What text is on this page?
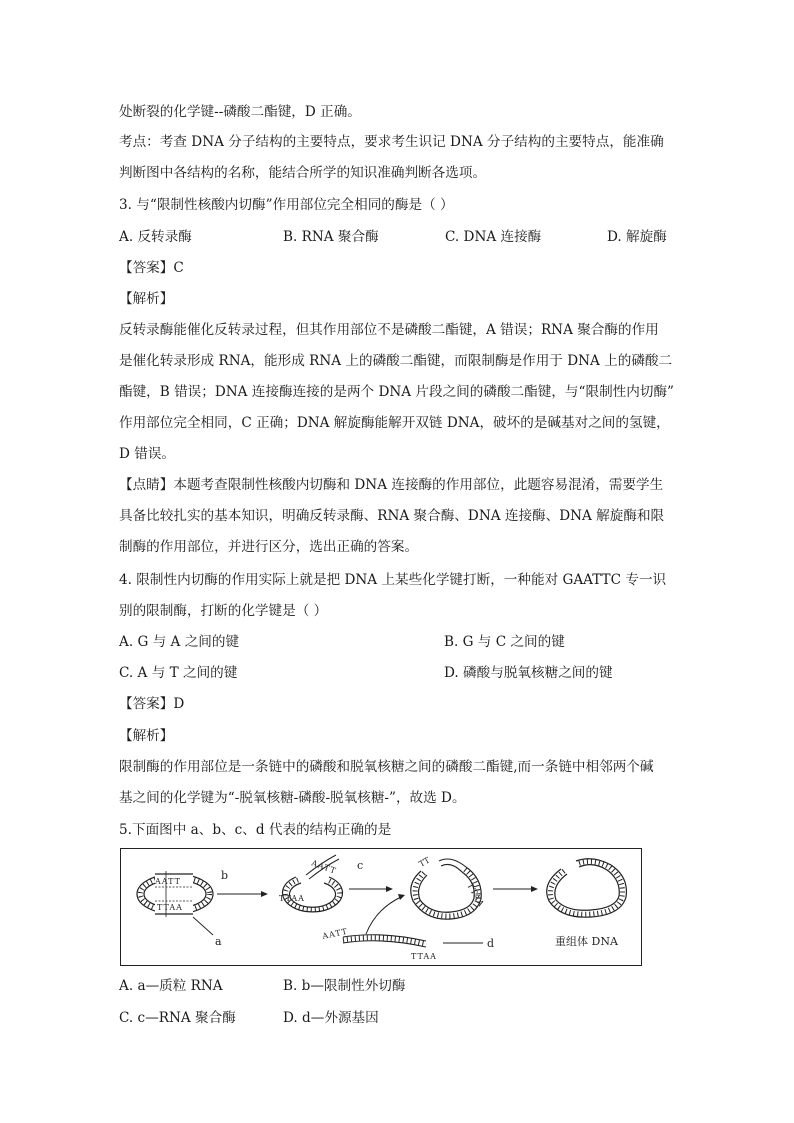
处断裂的化学键--磷酸二酯键，D 正确。
考点：考查 DNA 分子结构的主要特点，要求考生识记 DNA 分子结构的主要特点，能准确
判断图中各结构的名称，能结合所学的知识准确判断各选项。
3. 与“限制性核酸内切酶”作用部位完全相同的酶是（ ）
A. 反转录酶	B. RNA 聚合酶	C. DNA 连接酶	D. 解旋酶
【答案】C
【解析】
反转录酶能催化反转录过程，但其作用部位不是磷酸二酯键，A 错误；RNA 聚合酶的作用
是催化转录形成 RNA，能形成 RNA 上的磷酸二酯键，而限制酶是作用于 DNA 上的磷酸二
酯键，B 错误；DNA 连接酶连接的是两个 DNA 片段之间的磷酸二酯键，与“限制性内切酶”
作用部位完全相同，C 正确；DNA 解旋酶能解开双链 DNA，破坏的是碱基对之间的氢键，
D 错误。
【点睛】本题考查限制性核酸内切酶和 DNA 连接酶的作用部位，此题容易混淆，需要学生
具备比较扎实的基本知识，明确反转录酶、RNA 聚合酶、DNA 连接酶、DNA 解旋酶和限
制酶的作用部位，并进行区分，选出正确的答案。
4. 限制性内切酶的作用实际上就是把 DNA 上某些化学键打断，一种能对 GAATTC 专一识
别的限制酶，打断的化学键是（ ）
A. G 与 A 之间的键	B. G 与 C 之间的键
C. A 与 T 之间的键	D. 磷酸与脱氧核糖之间的键
【答案】D
【解析】
限制酶的作用部位是一条链中的磷酸和脱氧核糖之间的磷酸二酯键,而一条链中相邻两个碱
基之间的化学键为“-脱氧核糖-磷酸-脱氧核糖-”，故选 D。
5.下面图中 a、b、c、d 代表的结构正确的是
AATT
TTAA
a
b
TTAA
AATT c
AATT
TTAA
d
TT
TTAA
重组体 DNA
A. a—质粒 RNA	B. b—限制性外切酶
C. c—RNA 聚合酶	D. d—外源基因
